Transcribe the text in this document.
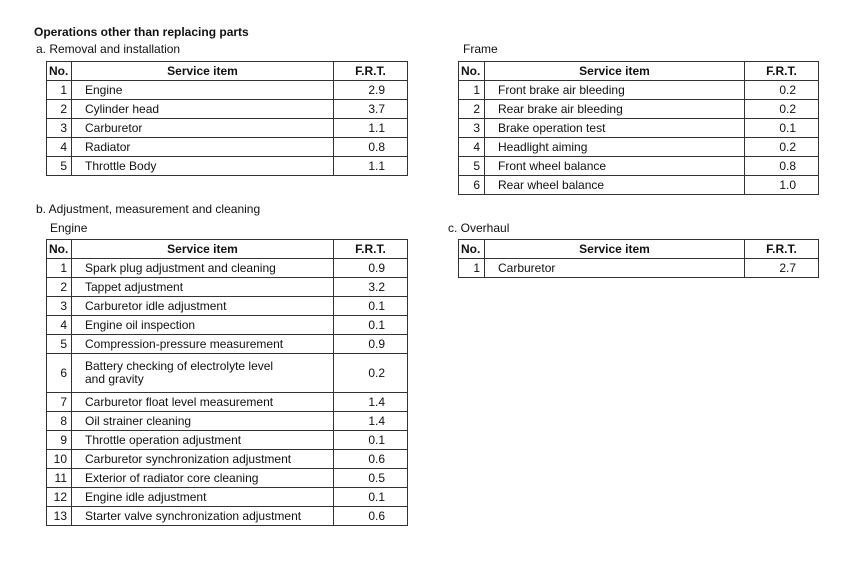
Operations other than replacing parts
a. Removal and installation	Frame
No.	Service item	F.R.T.
1	Engine	2.9
2	Cylinder head	3.7
3	Carburetor	1.1
4	Radiator	0.8
5	Throttle Body	1.1
No.	Service item	F.R.T.
1	Front brake air bleeding	0.2
2	Rear brake air bleeding	0.2
3	Brake operation test	0.1
4	Headlight aiming	0.2
5	Front wheel balance	0.8
6	Rear wheel balance	1.0
b. Adjustment, measurement and cleaning
Engine	c. Overhaul
No.	Service item	F.R.T.
1	Spark plug adjustment and cleaning	0.9
2	Tappet adjustment	3.2
3	Carburetor idle adjustment	0.1
4	Engine oil inspection	0.1
5	Compression-pressure measurement	0.9
6	Battery checking of electrolyte level
and gravity	0.2
7	Carburetor float level measurement	1.4
8	Oil strainer cleaning	1.4
9	Throttle operation adjustment	0.1
10	Carburetor synchronization adjustment	0.6
11	Exterior of radiator core cleaning	0.5
12	Engine idle adjustment	0.1
13	Starter valve synchronization adjustment	0.6
No.	Service item	F.R.T.
1	Carburetor	2.7
